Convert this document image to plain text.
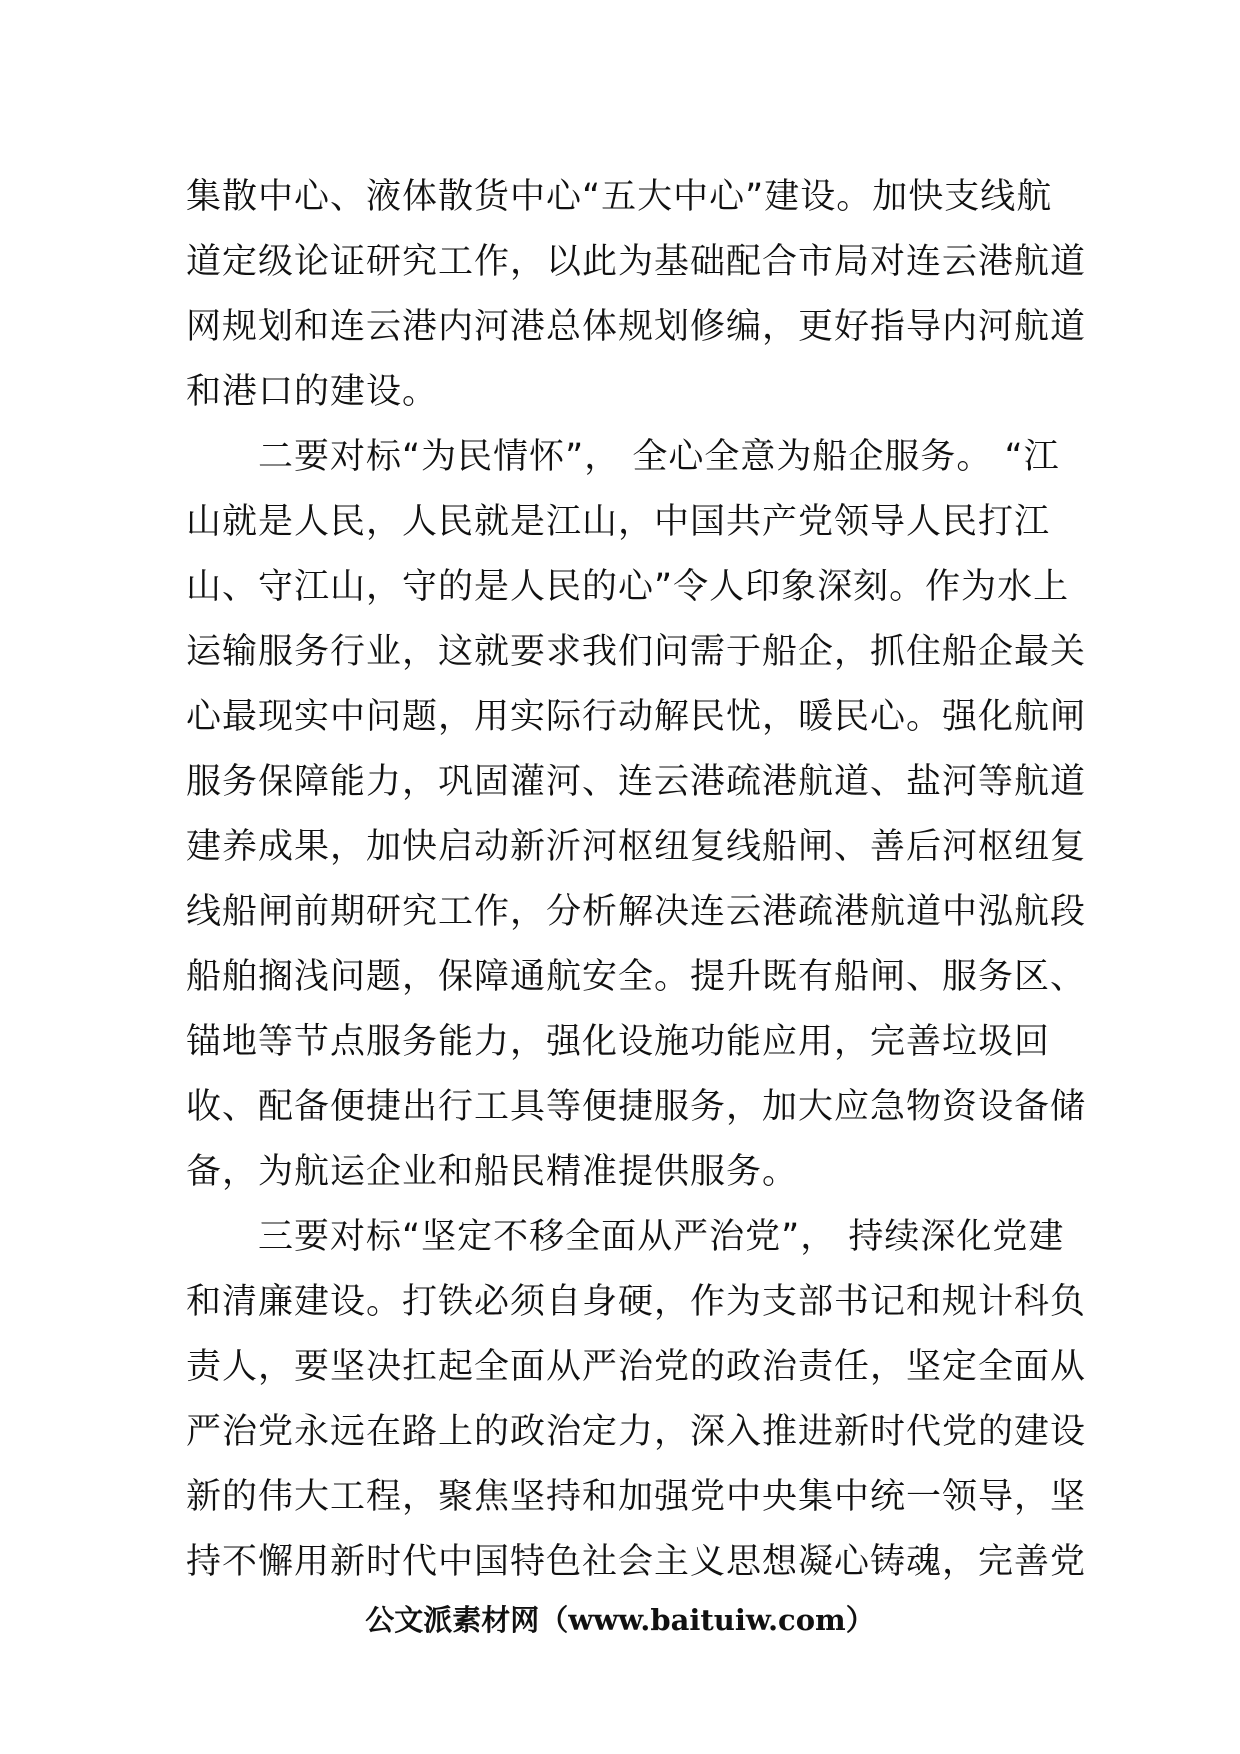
集散中心、液体散货中心“五大中心”建设。加快支线航
道定级论证研究工作，以此为基础配合市局对连云港航道
网规划和连云港内河港总体规划修编，更好指导内河航道
和港口的建设。
二要对标“为民情怀”， 全心全意为船企服务。 “江
山就是人民，人民就是江山，中国共产党领导人民打江
山、守江山，守的是人民的心”令人印象深刻。作为水上
运输服务行业，这就要求我们问需于船企，抓住船企最关
心最现实中问题，用实际行动解民忧，暖民心。强化航闸
服务保障能力，巩固灌河、连云港疏港航道、盐河等航道
建养成果，加快启动新沂河枢纽复线船闸、善后河枢纽复
线船闸前期研究工作，分析解决连云港疏港航道中泓航段
船舶搁浅问题，保障通航安全。提升既有船闸、服务区、
锚地等节点服务能力，强化设施功能应用，完善垃圾回
收、配备便捷出行工具等便捷服务，加大应急物资设备储
备，为航运企业和船民精准提供服务。
三要对标“坚定不移全面从严治党”， 持续深化党建
和清廉建设。打铁必须自身硬，作为支部书记和规计科负
责人，要坚决扛起全面从严治党的政治责任，坚定全面从
严治党永远在路上的政治定力，深入推进新时代党的建设
新的伟大工程，聚焦坚持和加强党中央集中统一领导，坚
持不懈用新时代中国特色社会主义思想凝心铸魂，完善党
公文派素材网（www.baituiw.com）
